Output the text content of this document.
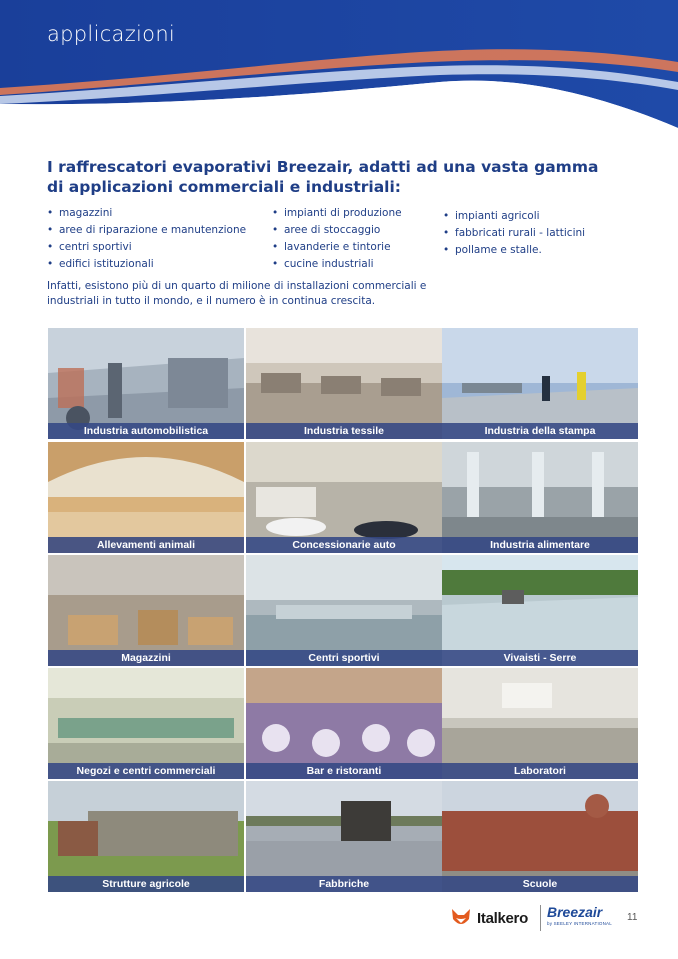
applicazioni

I raffrescatori evaporativi Breezair, adatti ad una vasta gamma di applicazioni commerciali e industriali:

• magazzini
• aree di riparazione e manutenzione
• centri sportivi
• edifici istituzionali
• impianti di produzione
• aree di stoccaggio
• lavanderie e tintorie
• cucine industriali
• impianti agricoli
• fabbricati rurali - latticini
• pollame e stalle.

Infatti, esistono più di un quarto di milione di installazioni commerciali e industriali in tutto il mondo, e il numero è in continua crescita.

Industria automobilistica	Industria tessile	Industria della stampa
Allevamenti animali	Concessionarie auto	Industria alimentare
Magazzini	Centri sportivi	Vivaisti - Serre
Negozi e centri commerciali	Bar e ristoranti	Laboratori
Strutture agricole	Fabbriche	Scuole
Italkero Breezair
by SEELEY INTERNATIONAL
11
